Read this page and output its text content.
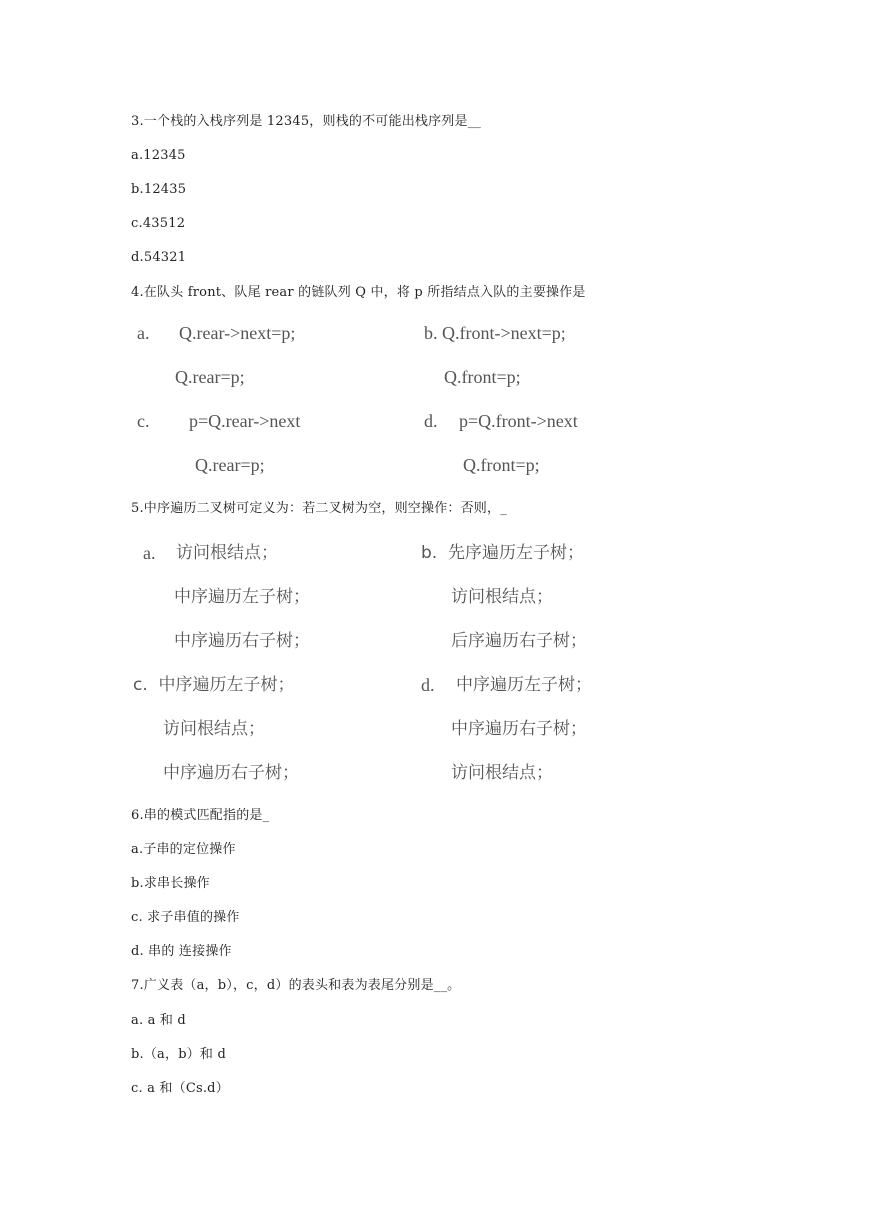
3.一个栈的入栈序列是 12345，则栈的不可能出栈序列是__
a.12345
b.12435
c.43512
d.54321
4.在队头 front、队尾 rear 的链队列 Q 中，将 p 所指结点入队的主要操作是
a. Q.rear->next=p;	b. Q.front->next=p;
Q.rear=p;	Q.front=p;
c. p=Q.rear->next	d. p=Q.front->next
Q.rear=p;	Q.front=p;
5.中序遍历二叉树可定义为：若二叉树为空，则空操作：否则，_
a. 访问根结点；	b.  先序遍历左子树；
中序遍历左子树；	访问根结点；
中序遍历右子树；	后序遍历右子树；
c.  中序遍历左子树；	d. 中序遍历左子树；
访问根结点；	中序遍历右子树；
中序遍历右子树；	访问根结点；
6.串的模式匹配指的是_
a.子串的定位操作
b.求串长操作
c. 求子串值的操作
d. 串的 连接操作
7.广义表（a，b），c，d）的表头和表为表尾分别是__。
a. a 和 d
b.（a，b）和 d
c. a 和（Cs.d）
